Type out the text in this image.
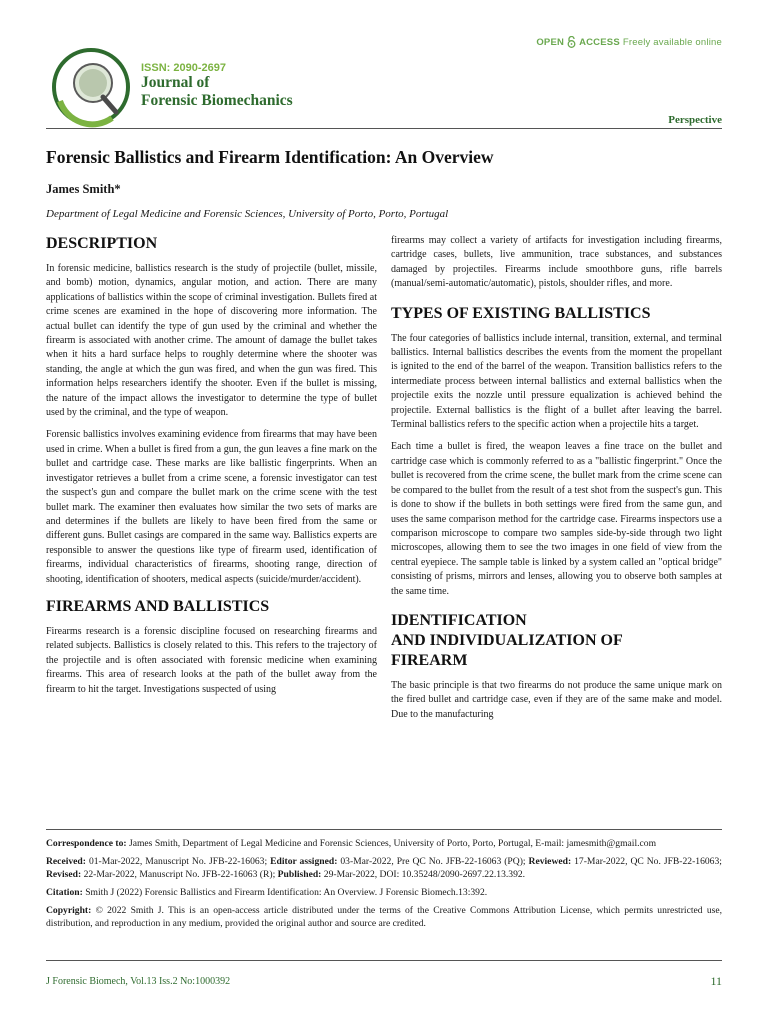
ISSN: 2090-2697
Journal of
Forensic Biomechanics
OPEN ACCESS Freely available online
Perspective
Forensic Ballistics and Firearm Identification: An Overview
James Smith*
Department of Legal Medicine and Forensic Sciences, University of Porto, Porto, Portugal
DESCRIPTION

In forensic medicine, ballistics research is the study of projectile (bullet, missile, and bomb) motion, dynamics, angular motion, and action. There are many applications of ballistics within the scope of criminal investigation. Bullets fired at crime scenes are examined in the hope of discovering more information. The actual bullet can identify the type of gun used by the criminal and whether the firearm is associated with another crime. The amount of damage the bullet takes when it hits a hard surface helps to roughly determine where the shooter was standing, the angle at which the gun was fired, and when the gun was fired. This information helps researchers identify the shooter. Even if the bullet is missing, the nature of the impact allows the investigator to determine the type of bullet used by the criminal, and the type of weapon.

Forensic ballistics involves examining evidence from firearms that may have been used in crime. When a bullet is fired from a gun, the gun leaves a fine mark on the bullet and cartridge case. These marks are like ballistic fingerprints. When an investigator retrieves a bullet from a crime scene, a forensic investigator can test the suspect's gun and compare the bullet mark on the crime scene with the test bullet mark. The examiner then evaluates how similar the two sets of marks are and determines if the bullets are likely to have been fired from the same or different guns. Bullet casings are compared in the same way. Ballistics experts are responsible to answer the questions like type of firearm used, identification of firearms, individual characteristics of firearms, shooting range, direction of shooting, identification of shooters, medical aspects (suicide/murder/accident).

FIREARMS AND BALLISTICS

Firearms research is a forensic discipline focused on researching firearms and related subjects. Ballistics is closely related to this. This refers to the trajectory of the projectile and is often associated with forensic medicine when examining firearms. This area of research looks at the path of the bullet away from the firearm to hit the target. Investigations suspected of using

firearms may collect a variety of artifacts for investigation including firearms, cartridge cases, bullets, live ammunition, trace substances, and substances damaged by projectiles. Firearms include smoothbore guns, rifle barrels (manual/semi-automatic/automatic), pistols, shoulder rifles, and more.

TYPES OF EXISTING BALLISTICS

The four categories of ballistics include internal, transition, external, and terminal ballistics. Internal ballistics describes the events from the moment the propellant is ignited to the end of the barrel of the weapon. Transition ballistics refers to the intermediate process between internal ballistics and external ballistics when the projectile exits the nozzle until pressure equalization is achieved behind the projectile. External ballistics is the flight of a bullet after leaving the barrel. Terminal ballistics refers to the specific action when a projectile hits a target.

Each time a bullet is fired, the weapon leaves a fine trace on the bullet and cartridge case which is commonly referred to as a "ballistic fingerprint." Once the bullet is recovered from the crime scene, the bullet mark from the crime scene can be compared to the bullet from the result of a test shot from the suspect's gun. This is done to show if the bullets in both settings were fired from the same gun, and uses the same comparison method for the cartridge case. Firearms inspectors use a comparison microscope to compare two samples side-by-side through two light microscopes, allowing them to see the two images in one field of view from the central eyepiece. The sample table is linked by a system called an "optical bridge" consisting of prisms, mirrors and lenses, allowing you to observe both samples at the same time.

IDENTIFICATION
AND INDIVIDUALIZATION OF
FIREARM

The basic principle is that two firearms do not produce the same unique mark on the fired bullet and cartridge case, even if they are of the same make and model. Due to the manufacturing

Correspondence to: James Smith, Department of Legal Medicine and Forensic Sciences, University of Porto, Porto, Portugal, E-mail: jamesmith@gmail.com
Received: 01-Mar-2022, Manuscript No. JFB-22-16063; Editor assigned: 03-Mar-2022, Pre QC No. JFB-22-16063 (PQ); Reviewed: 17-Mar-2022, QC No. JFB-22-16063; Revised: 22-Mar-2022, Manuscript No. JFB-22-16063 (R); Published: 29-Mar-2022, DOI: 10.35248/2090-2697.22.13.392.
Citation: Smith J (2022) Forensic Ballistics and Firearm Identification: An Overview. J Forensic Biomech.13:392.
Copyright: © 2022 Smith J. This is an open-access article distributed under the terms of the Creative Commons Attribution License, which permits unrestricted use, distribution, and reproduction in any medium, provided the original author and source are credited.
J Forensic Biomech, Vol.13 Iss.2 No:1000392	11
